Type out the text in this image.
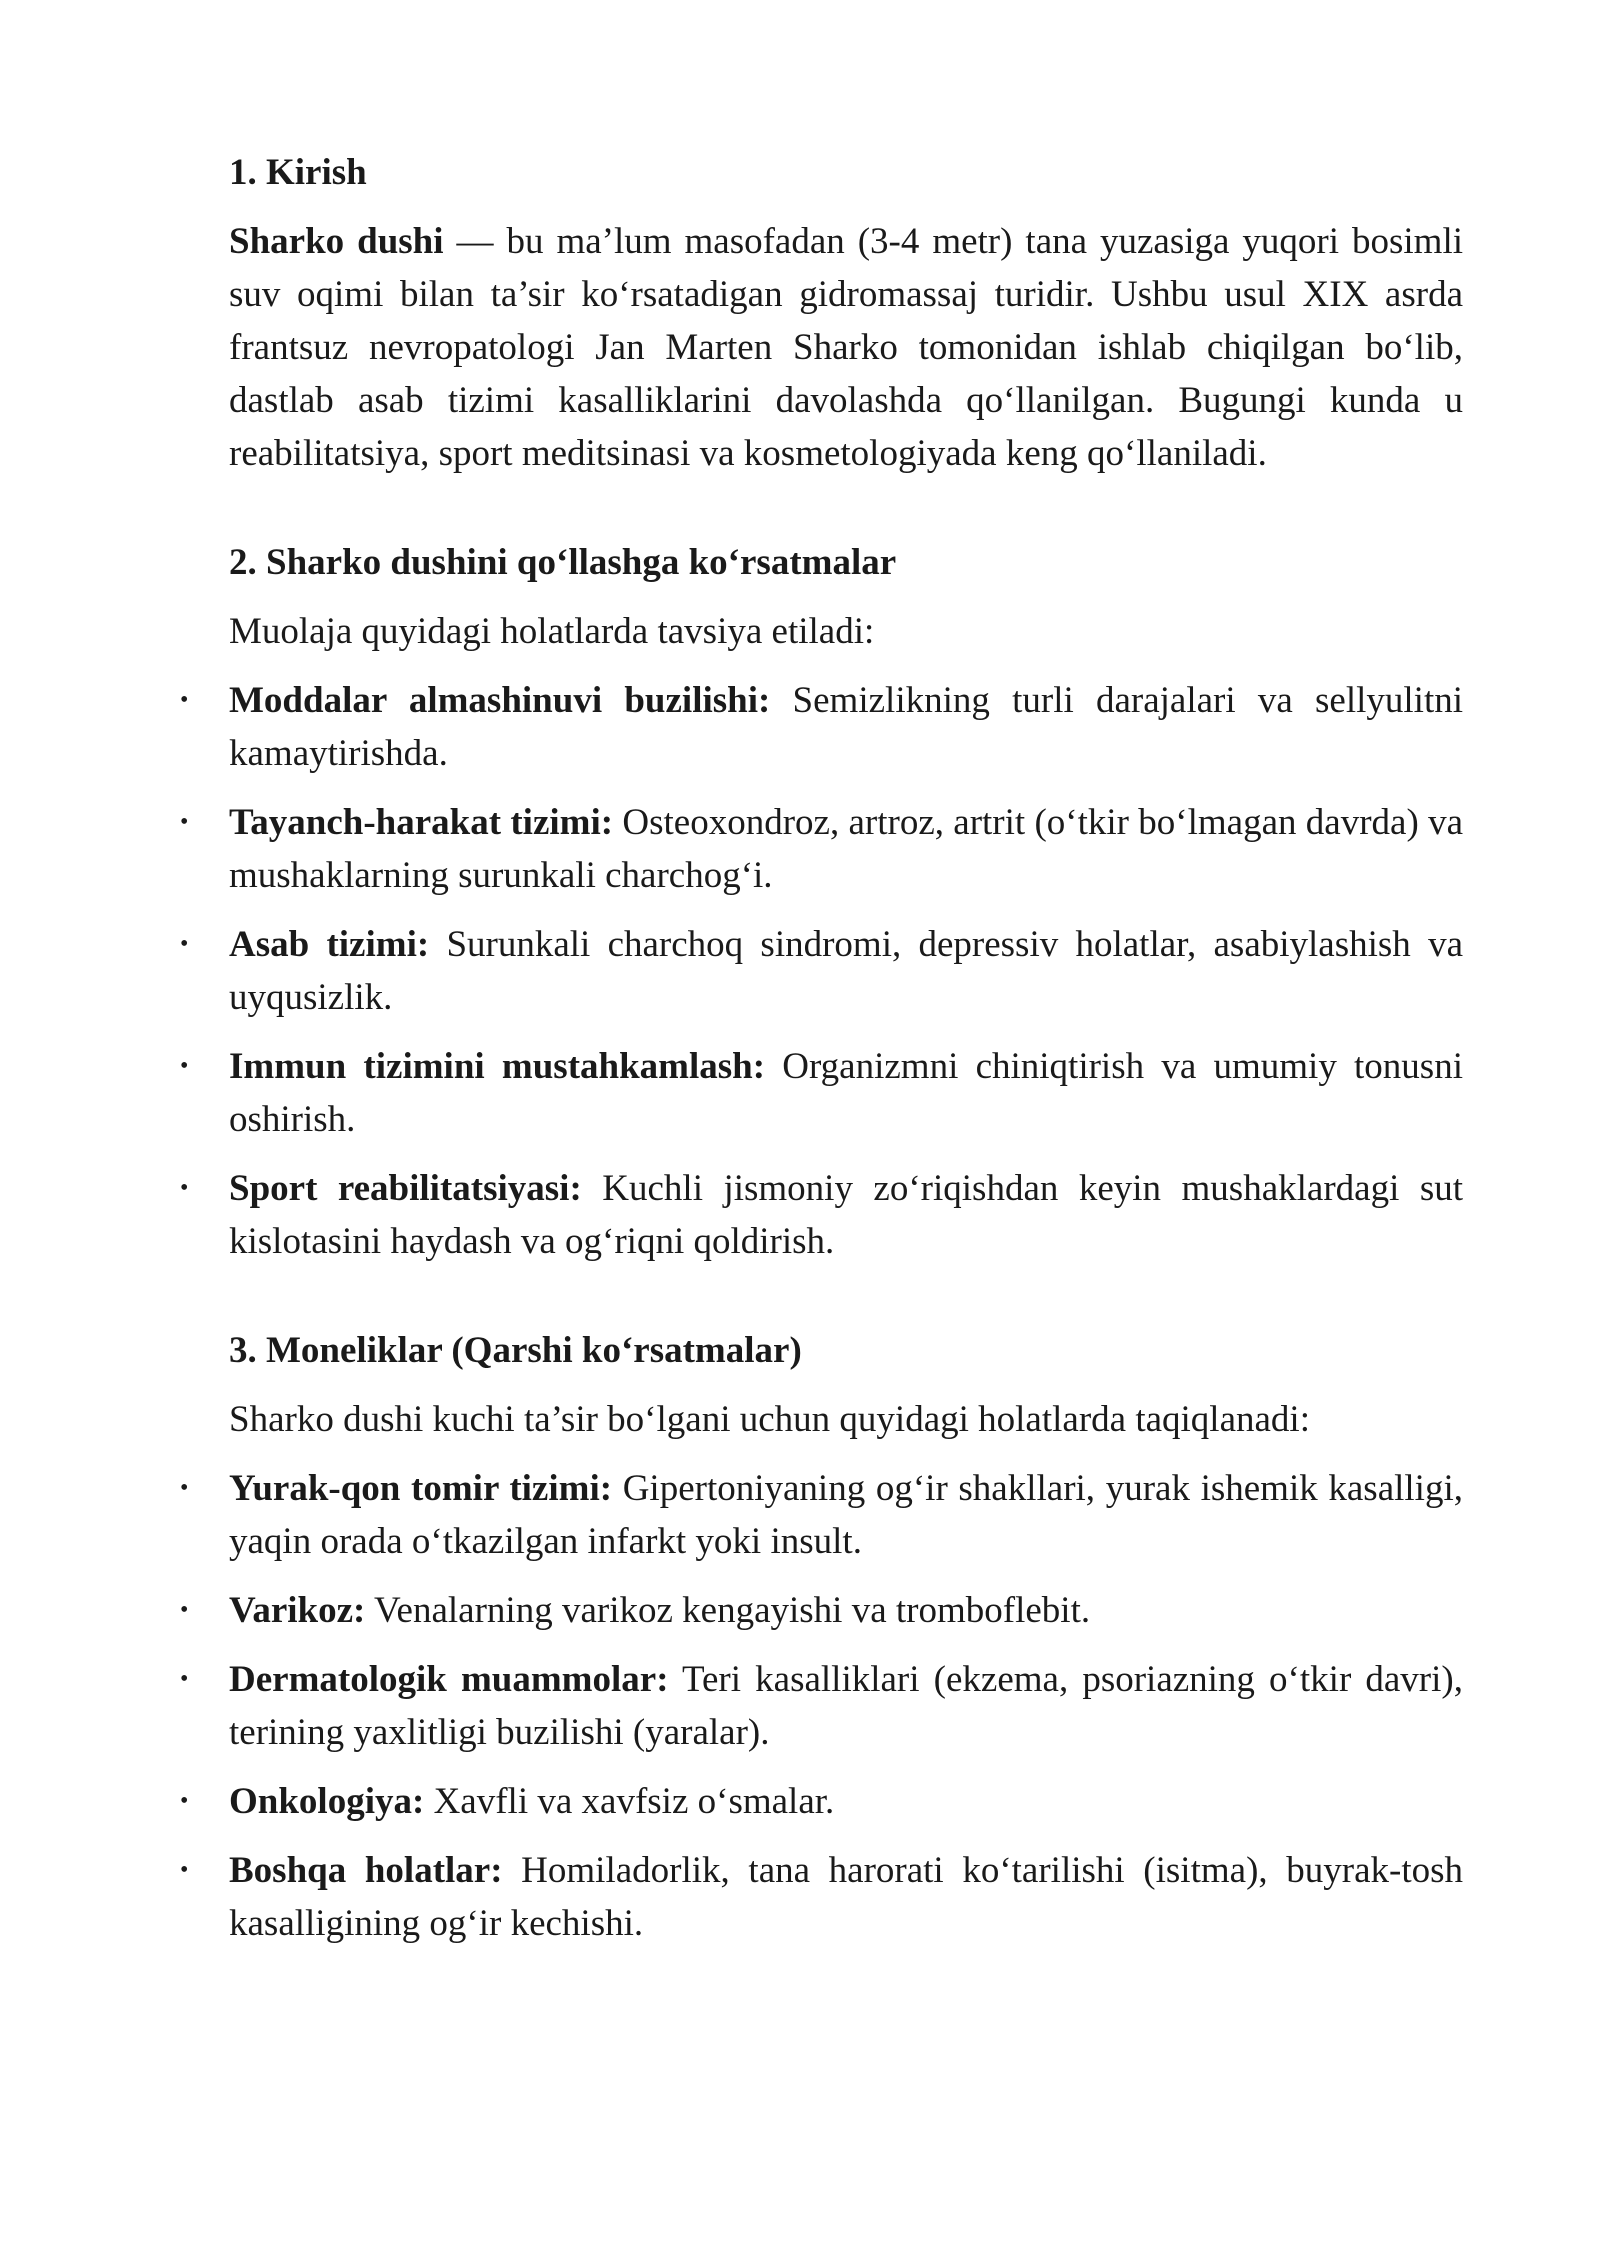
1. Kirish

Sharko dushi — bu ma’lum masofadan (3-4 metr) tana yuzasiga yuqori bosimli suv oqimi bilan ta’sir ko‘rsatadigan gidromassaj turidir. Ushbu usul XIX asrda frantsuz nevropatologi Jan Marten Sharko tomonidan ishlab chiqilgan bo‘lib, dastlab asab tizimi kasalliklarini davolashda qo‘llanilgan. Bugungi kunda u reabilitatsiya, sport meditsinasi va kosmetologiyada keng qo‘llaniladi.

2. Sharko dushini qo‘llashga ko‘rsatmalar

Muolaja quyidagi holatlarda tavsiya etiladi:

• Moddalar almashinuvi buzilishi: Semizlikning turli darajalari va sellyulitni kamaytirishda.
• Tayanch-harakat tizimi: Osteoxondroz, artroz, artrit (o‘tkir bo‘lmagan davrda) va mushaklarning surunkali charchog‘i.
• Asab tizimi: Surunkali charchoq sindromi, depressiv holatlar, asabiylashish va uyqusizlik.
• Immun tizimini mustahkamlash: Organizmni chiniqtirish va umumiy tonusni oshirish.
• Sport reabilitatsiyasi: Kuchli jismoniy zo‘riqishdan keyin mushaklardagi sut kislotasini haydash va og‘riqni qoldirish.
3. Moneliklar (Qarshi ko‘rsatmalar)

Sharko dushi kuchi ta’sir bo‘lgani uchun quyidagi holatlarda taqiqlanadi:

• Yurak-qon tomir tizimi: Gipertoniyaning og‘ir shakllari, yurak ishemik kasalligi, yaqin orada o‘tkazilgan infarkt yoki insult.
• Varikoz: Venalarning varikoz kengayishi va tromboflebit.
• Dermatologik muammolar: Teri kasalliklari (ekzema, psoriazning o‘tkir davri), terining yaxlitligi buzilishi (yaralar).
• Onkologiya: Xavfli va xavfsiz o‘smalar.
• Boshqa holatlar: Homiladorlik, tana harorati ko‘tarilishi (isitma), buyrak-tosh kasalligining og‘ir kechishi.
